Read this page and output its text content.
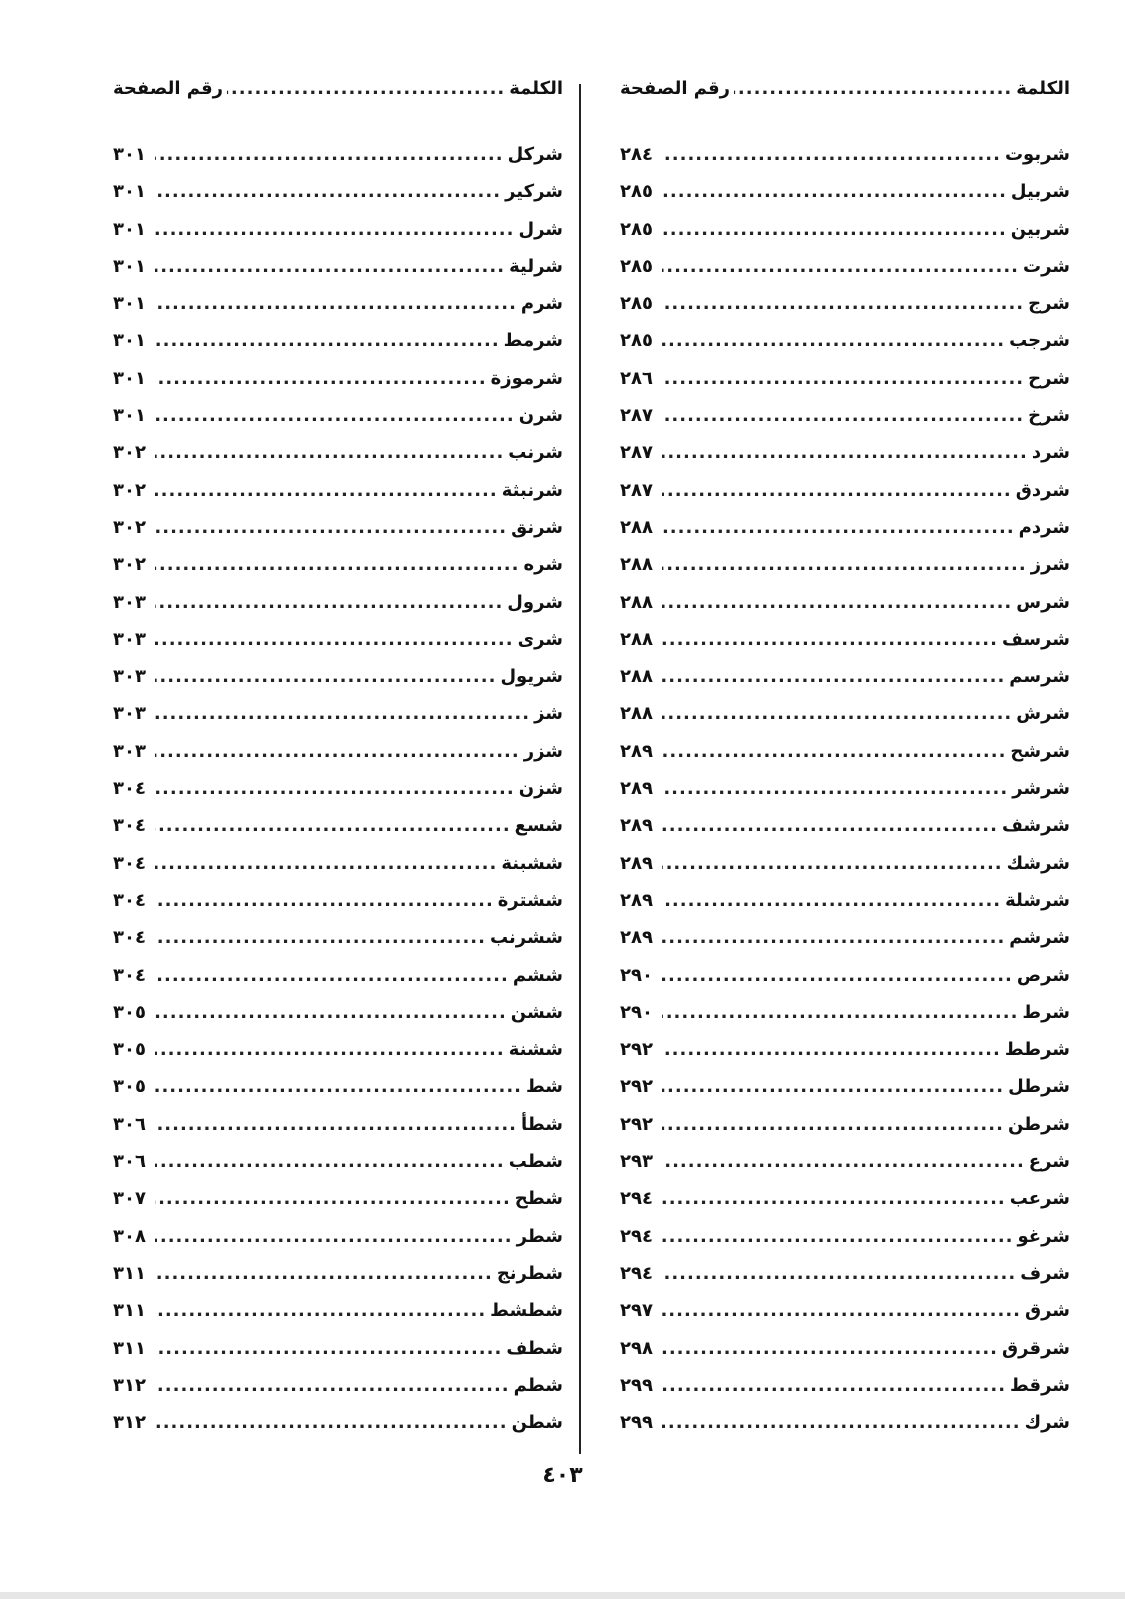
الكلمة
.....
رقم الصفحة
شربوت
.....
٢٨٤
شربيل
.....
٢٨٥
شربين
.....
٢٨٥
شرت
.....
٢٨٥
شرج
.....
٢٨٥
شرجب
.....
٢٨٥
شرح
.....
٢٨٦
شرخ
.....
٢٨٧
شرد
.....
٢٨٧
شردق
.....
٢٨٧
شردم
.....
٢٨٨
شرز
.....
٢٨٨
شرس
.....
٢٨٨
شرسف
.....
٢٨٨
شرسم
.....
٢٨٨
شرش
.....
٢٨٨
شرشح
.....
٢٨٩
شرشر
.....
٢٨٩
شرشف
.....
٢٨٩
شرشك
.....
٢٨٩
شرشلة
.....
٢٨٩
شرشم
.....
٢٨٩
شرص
.....
٢٩٠
شرط
.....
٢٩٠
شرطط
.....
٢٩٢
شرطل
.....
٢٩٢
شرطن
.....
٢٩٢
شرع
.....
٢٩٣
شرعب
.....
٢٩٤
شرغو
.....
٢٩٤
شرف
.....
٢٩٤
شرق
.....
٢٩٧
شرقرق
.....
٢٩٨
شرقط
.....
٢٩٩
شرك
.....
٢٩٩
الكلمة
.....
رقم الصفحة
شركل
.....
٣٠١
شركير
.....
٣٠١
شرل
.....
٣٠١
شرلية
.....
٣٠١
شرم
.....
٣٠١
شرمط
.....
٣٠١
شرموزة
.....
٣٠١
شرن
.....
٣٠١
شرنب
.....
٣٠٢
شرنبثة
.....
٣٠٢
شرنق
.....
٣٠٢
شره
.....
٣٠٢
شرول
.....
٣٠٣
شرى
.....
٣٠٣
شريول
.....
٣٠٣
شز
.....
٣٠٣
شزر
.....
٣٠٣
شزن
.....
٣٠٤
شسع
.....
٣٠٤
ششبنة
.....
٣٠٤
ششترة
.....
٣٠٤
ششرنب
.....
٣٠٤
ششم
.....
٣٠٤
ششن
.....
٣٠٥
ششنة
.....
٣٠٥
شط
.....
٣٠٥
شطأ
.....
٣٠٦
شطب
.....
٣٠٦
شطح
.....
٣٠٧
شطر
.....
٣٠٨
شطرنج
.....
٣١١
شطشط
.....
٣١١
شطف
.....
٣١١
شطم
.....
٣١٢
شطن
.....
٣١٢
٤٠٣
